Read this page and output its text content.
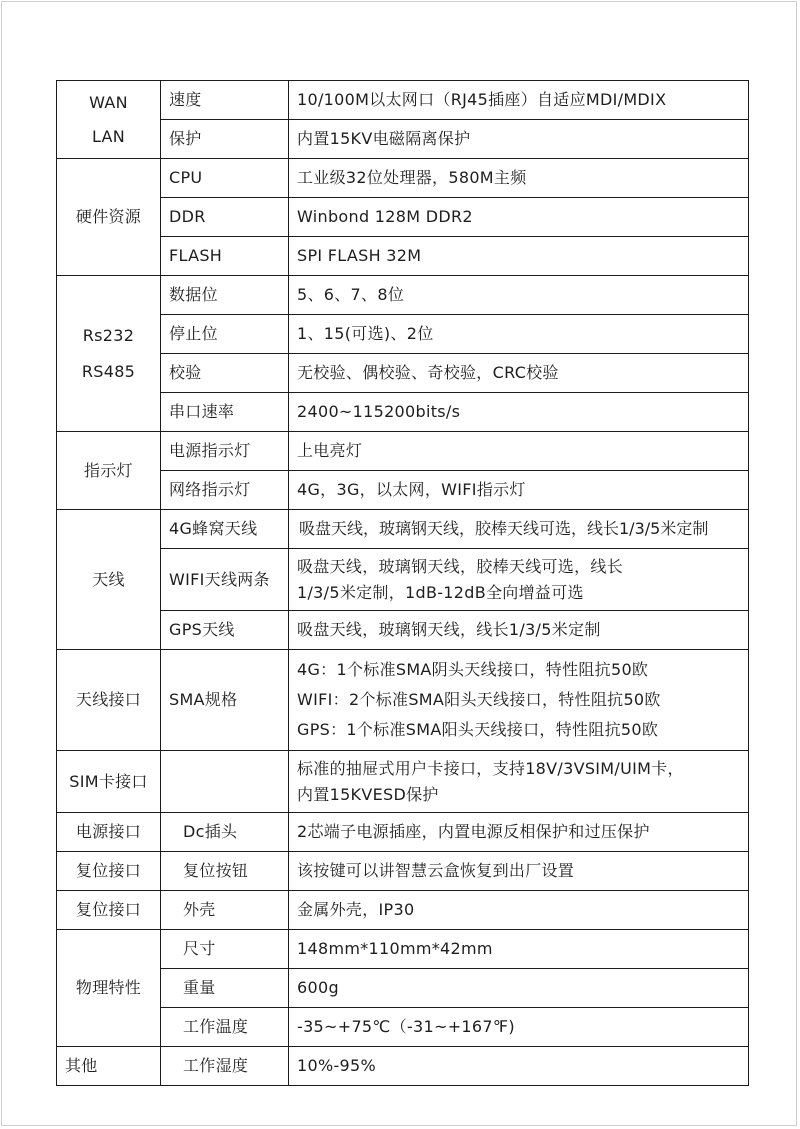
WAN
LAN	速度	10/100M以太网口（RJ45插座）自适应MDI/MDIX
	保护	内置15KV电磁隔离保护
硬件资源	CPU	工业级32位处理器，580M主频
	DDR	Winbond 128M DDR2
	FLASH	SPI FLASH 32M

Rs232
RS485	数据位	5、6、7、8位
	停止位	1、15(可选)、2位
	校验	无校验、偶校验、奇校验，CRC校验
	串口速率	2400~115200bits/s
指示灯	电源指示灯	上电亮灯
	网络指示灯	4G，3G，以太网，WIFI指示灯
天线	4G蜂窝天线	吸盘天线，玻璃钢天线，胶棒天线可选，线长1/3/5米定制
	WIFI天线两条	吸盘天线，玻璃钢天线，胶棒天线可选，线长
1/3/5米定制，1dB-12dB全向增益可选

	GPS天线	吸盘天线，玻璃钢天线，线长1/3/5米定制
天线接口	SMA规格	4G：1个标准SMA阴头天线接口，特性阻抗50欧
WIFI：2个标准SMA阳头天线接口，特性阻抗50欧
GPS：1个标准SMA阳头天线接口，特性阻抗50欧

SIM卡接口		标准的抽屉式用户卡接口，支持18V/3VSIM/UIM卡，
内置15KVESD保护

电源接口	Dc插头	2芯端子电源插座，内置电源反相保护和过压保护
复位接口	复位按钮	该按键可以讲智慧云盒恢复到出厂设置
复位接口	外壳	金属外壳，IP30
物理特性	尺寸	148mm*110mm*42mm
	重量	600g
	工作温度	-35~+75℃（-31~+167℉)
其他	工作湿度	10%-95%
